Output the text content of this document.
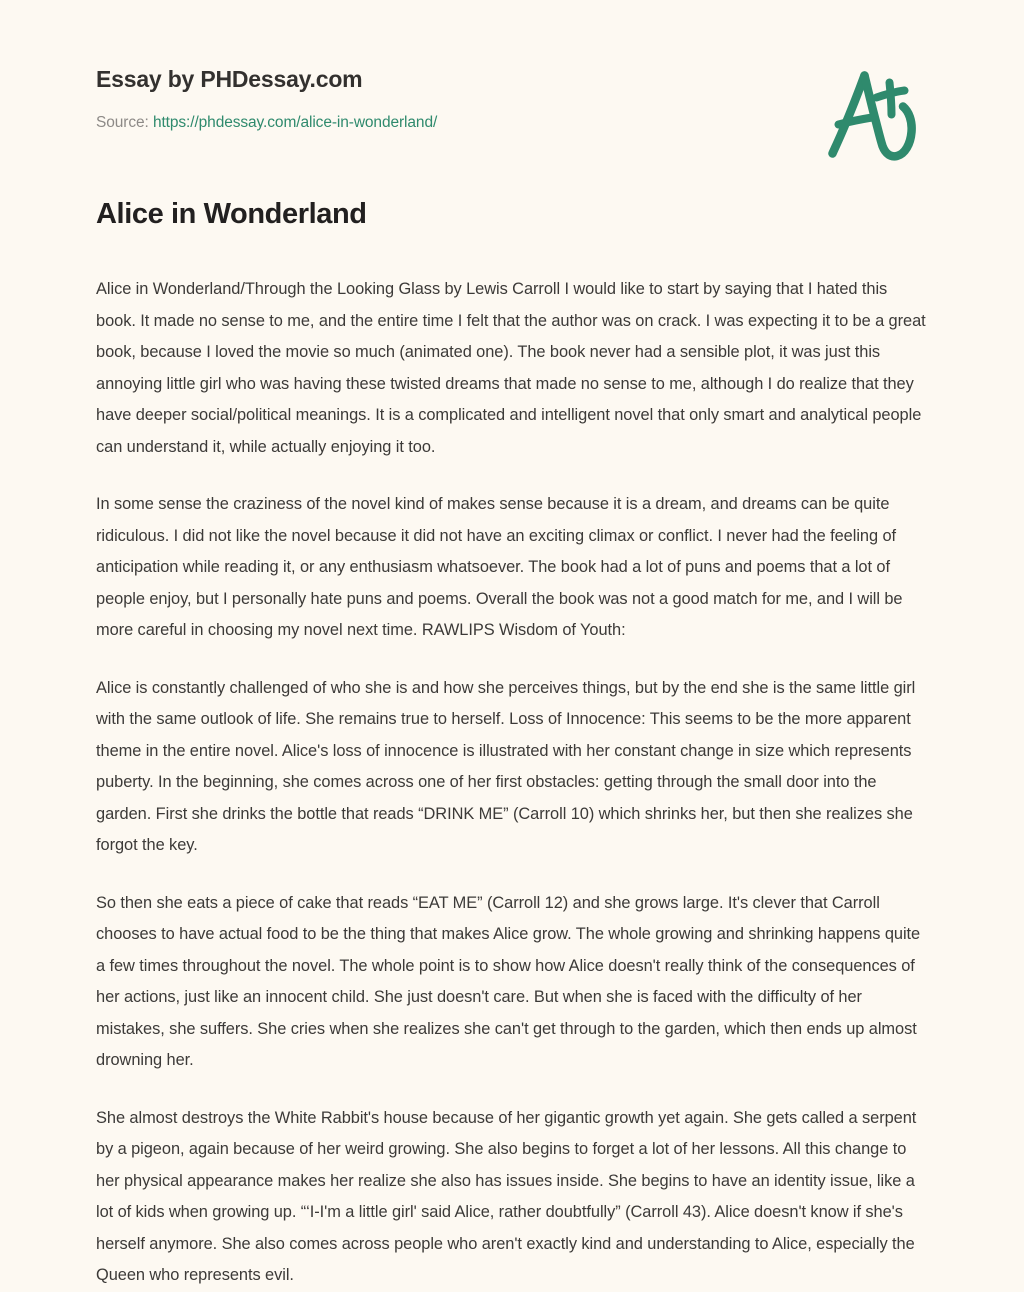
Essay by PHDessay.com
Source: https://phdessay.com/alice-in-wonderland/
Alice in Wonderland

Alice in Wonderland/Through the Looking Glass by Lewis Carroll I would like to start by saying that I hated this book. It made no sense to me, and the entire time I felt that the author was on crack. I was expecting it to be a great book, because I loved the movie so much (animated one). The book never had a sensible plot, it was just this annoying little girl who was having these twisted dreams that made no sense to me, although I do realize that they have deeper social/political meanings. It is a complicated and intelligent novel that only smart and analytical people can understand it, while actually enjoying it too.

In some sense the craziness of the novel kind of makes sense because it is a dream, and dreams can be quite ridiculous. I did not like the novel because it did not have an exciting climax or conflict. I never had the feeling of anticipation while reading it, or any enthusiasm whatsoever. The book had a lot of puns and poems that a lot of people enjoy, but I personally hate puns and poems. Overall the book was not a good match for me, and I will be more careful in choosing my novel next time. RAWLIPS Wisdom of Youth:

Alice is constantly challenged of who she is and how she perceives things, but by the end she is the same little girl with the same outlook of life. She remains true to herself. Loss of Innocence: This seems to be the more apparent theme in the entire novel. Alice's loss of innocence is illustrated with her constant change in size which represents puberty. In the beginning, she comes across one of her first obstacles: getting through the small door into the garden. First she drinks the bottle that reads “DRINK ME” (Carroll 10) which shrinks her, but then she realizes she forgot the key.

So then she eats a piece of cake that reads “EAT ME” (Carroll 12) and she grows large. It's clever that Carroll chooses to have actual food to be the thing that makes Alice grow. The whole growing and shrinking happens quite a few times throughout the novel. The whole point is to show how Alice doesn't really think of the consequences of her actions, just like an innocent child. She just doesn't care. But when she is faced with the difficulty of her mistakes, she suffers. She cries when she realizes she can't get through to the garden, which then ends up almost drowning her.

She almost destroys the White Rabbit's house because of her gigantic growth yet again. She gets called a serpent by a pigeon, again because of her weird growing. She also begins to forget a lot of her lessons. All this change to her physical appearance makes her realize she also has issues inside. She begins to have an identity issue, like a lot of kids when growing up. “‘I-I'm a little girl' said Alice, rather doubtfully” (Carroll 43). Alice doesn't know if she's herself anymore. She also comes across people who aren't exactly kind and understanding to Alice, especially the Queen who represents evil.
